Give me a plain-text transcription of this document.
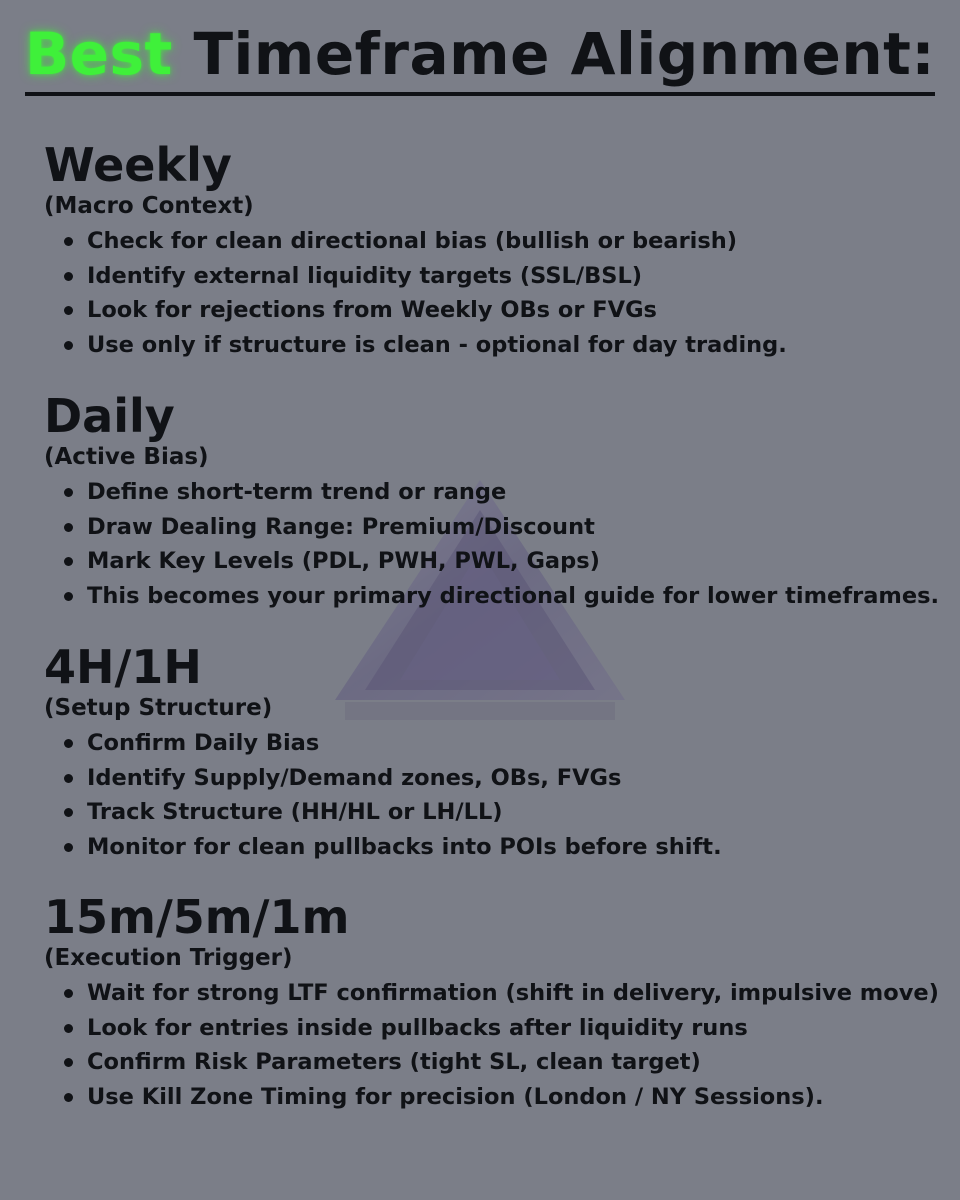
Best Timeframe Alignment:
Weekly
(Macro Context)
Check for clean directional bias (bullish or bearish)
Identify external liquidity targets (SSL/BSL)
Look for rejections from Weekly OBs or FVGs
Use only if structure is clean - optional for day trading.
Daily
(Active Bias)
Define short-term trend or range
Draw Dealing Range: Premium/Discount
Mark Key Levels (PDL, PWH, PWL, Gaps)
This becomes your primary directional guide for lower timeframes.
4H/1H
(Setup Structure)
Confirm Daily Bias
Identify Supply/Demand zones, OBs, FVGs
Track Structure (HH/HL or LH/LL)
Monitor for clean pullbacks into POIs before shift.
15m/5m/1m
(Execution Trigger)
Wait for strong LTF confirmation (shift in delivery, impulsive move)
Look for entries inside pullbacks after liquidity runs
Confirm Risk Parameters (tight SL, clean target)
Use Kill Zone Timing for precision (London / NY Sessions).
